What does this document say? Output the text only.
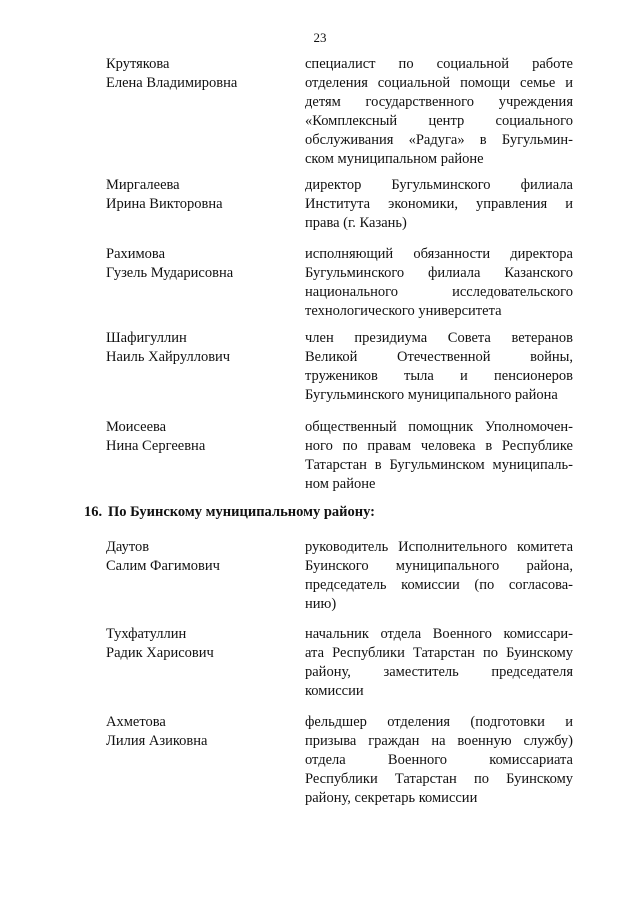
23
Крутякова
Елена Владимировна
специалист по социальной работе
отделения социальной помощи семье и
детям государственного учреждения
«Комплексный центр социального
обслуживания «Радуга» в Бугульмин-
ском муниципальном районе
Миргалеева
Ирина Викторовна
директор Бугульминского филиала
Института экономики, управления и
права (г. Казань)
Рахимова
Гузель Мударисовна
исполняющий обязанности директора
Бугульминского филиала Казанского
национального исследовательского
технологического университета
Шафигуллин
Наиль Хайруллович
член президиума Совета ветеранов
Великой Отечественной войны,
тружеников тыла и пенсионеров
Бугульминского муниципального района
Моисеева
Нина Сергеевна
общественный помощник Уполномочен-
ного по правам человека в Республике
Татарстан в Бугульминском муниципаль-
ном районе
Даутов
Салим Фагимович
руководитель Исполнительного комитета
Буинского муниципального района,
председатель комиссии (по согласова-
нию)
Тухфатуллин
Радик Харисович
начальник отдела Военного комиссари-
ата Республики Татарстан по Буинскому
району, заместитель председателя
комиссии
Ахметова
Лилия Азиковна
фельдшер отделения (подготовки и
призыва граждан на военную службу)
отдела Военного комиссариата
Республики Татарстан по Буинскому
району, секретарь комиссии
16. По Буинскому муниципальному району:
